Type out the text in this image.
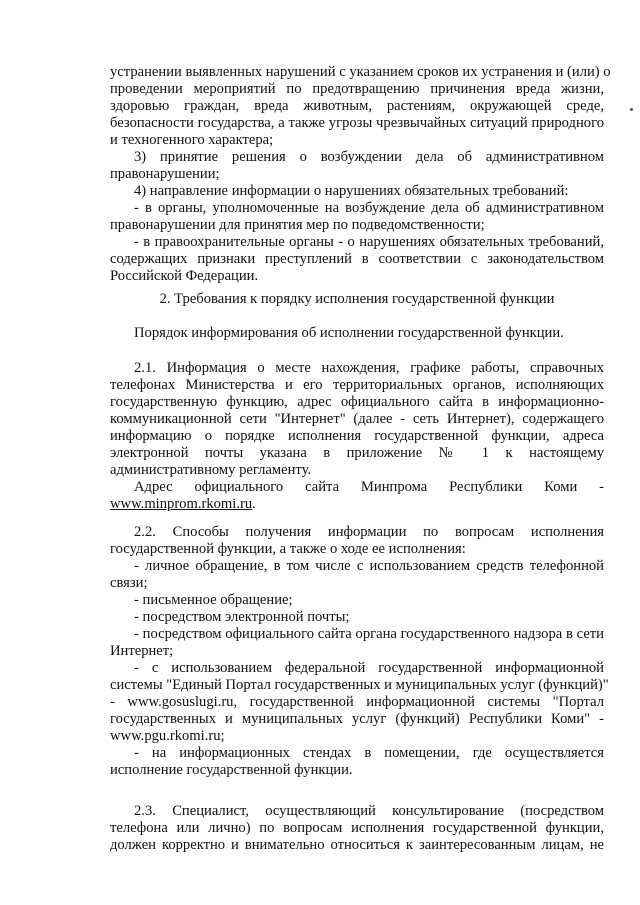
устранении выявленных нарушений с указанием сроков их устранения и (или) о
проведении мероприятий по предотвращению причинения вреда жизни,
здоровью граждан, вреда животным, растениям, окружающей среде,
безопасности государства, а также угрозы чрезвычайных ситуаций природного
и техногенного характера;
3) принятие решения о возбуждении дела об административном
правонарушении;
4) направление информации о нарушениях обязательных требований:
- в органы, уполномоченные на возбуждение дела об административном
правонарушении для принятия мер по подведомственности;
- в правоохранительные органы - о нарушениях обязательных требований,
содержащих признаки преступлений в соответствии с законодательством
Российской Федерации.
2.1. Информация о месте нахождения, графике работы, справочных
телефонах Министерства и его территориальных органов, исполняющих
государственную функцию, адрес официального сайта в информационно-
коммуникационной сети "Интернет" (далее - сеть Интернет), содержащего
информацию о порядке исполнения государственной функции, адреса
электронной почты указана в приложение № 1 к настоящему
административному регламенту.
Адрес официального сайта Минпрома Республики Коми -
2.2. Способы получения информации по вопросам исполнения
государственной функции, а также о ходе ее исполнения:
- личное обращение, в том числе с использованием средств телефонной
связи;
- письменное обращение;
- посредством электронной почты;
- посредством официального сайта органа государственного надзора в сети
Интернет;
- с использованием федеральной государственной информационной
системы "Единый Портал государственных и муниципальных услуг (функций)"
- www.gosuslugi.ru, государственной информационной системы "Портал
государственных и муниципальных услуг (функций) Республики Коми" -
www.pgu.rkomi.ru;
- на информационных стендах в помещении, где осуществляется
исполнение государственной функции.
2.3. Специалист, осуществляющий консультирование (посредством
телефона или лично) по вопросам исполнения государственной функции,
должен корректно и внимательно относиться к заинтересованным лицам, не
2. Требования к порядку исполнения государственной функции
Порядок информирования об исполнении государственной функции.
www.minprom.rkomi.ru.
